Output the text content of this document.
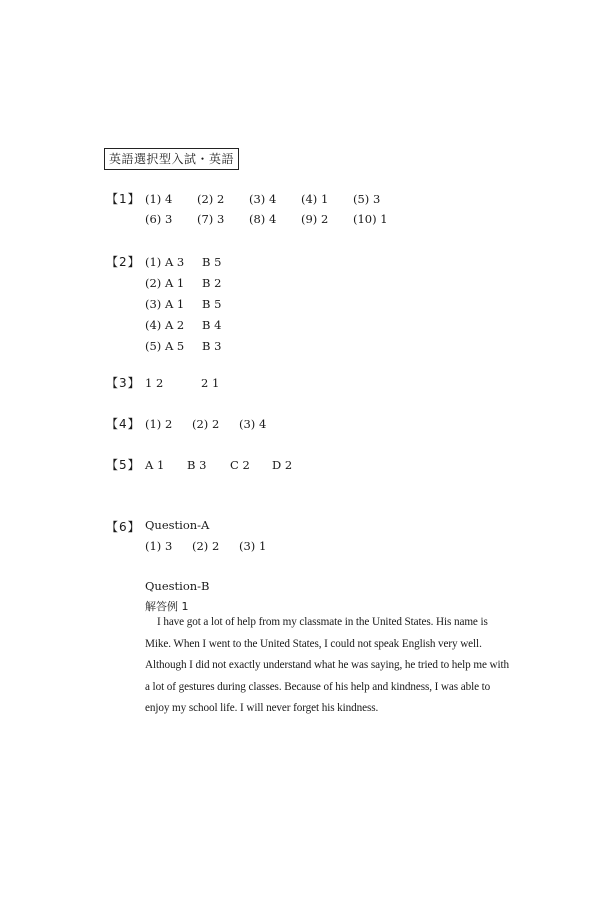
英語選択型入試・英語
【1】 (1) 4 (2) 2 (3) 4 (4) 1 (5) 3
(6) 3 (7) 3 (8) 4 (9) 2 (10) 1
【2】 (1) A 3 B 5
(2) A 1 B 2
(3) A 1 B 5
(4) A 2 B 4
(5) A 5 B 3
【3】 1 2	2 1
【4】 (1) 2 (2) 2 (3) 4
【5】 A 1 B 3 C 2 D 2
【6】 Question-A
(1) 3 (2) 2 (3) 1
Question-B
解答例 1
I have got a lot of help from my classmate in the United States. His name is Mike. When I went to the United States, I could not speak English very well. Although I did not exactly understand what he was saying, he tried to help me with a lot of gestures during classes. Because of his help and kindness, I was able to enjoy my school life. I will never forget his kindness.
